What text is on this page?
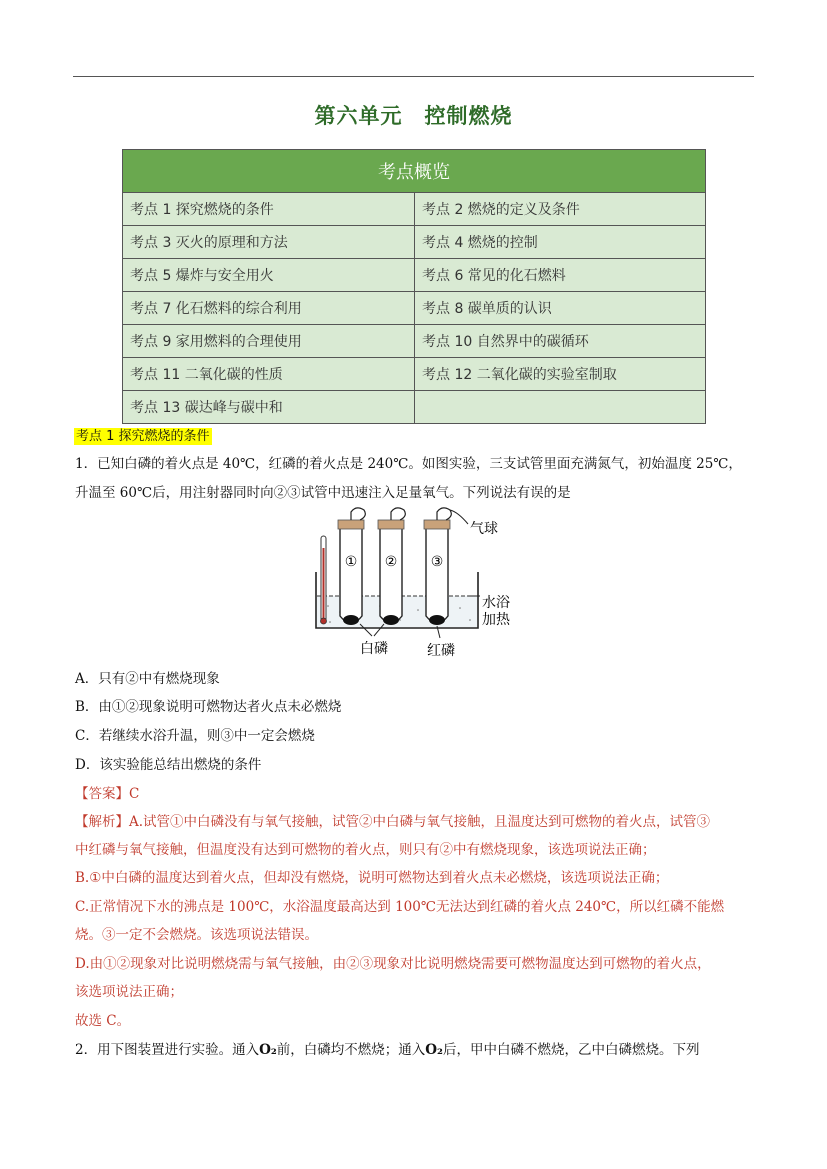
第六单元 控制燃烧
考点概览	
考点 1 探究燃烧的条件	考点 2 燃烧的定义及条件
考点 3 灭火的原理和方法	考点 4 燃烧的控制
考点 5 爆炸与安全用火	考点 6 常见的化石燃料
考点 7 化石燃料的综合利用	考点 8 碳单质的认识
考点 9 家用燃料的合理使用	考点 10 自然界中的碳循环
考点 11 二氧化碳的性质	考点 12 二氧化碳的实验室制取
考点 13 碳达峰与碳中和	
考点 1 探究燃烧的条件
1．已知白磷的着火点是 40℃，红磷的着火点是 240℃。如图实验，三支试管里面充满氮气，初始温度 25℃，
升温至 60℃后，用注射器同时向②③试管中迅速注入足量氧气。下列说法有误的是
① ② ③
气球
水浴
加热
白磷	红磷
A．只有②中有燃烧现象
B．由①②现象说明可燃物达者火点未必燃烧
C．若继续水浴升温，则③中一定会燃烧
D．该实验能总结出燃烧的条件
【答案】C
【解析】A.试管①中白磷没有与氧气接触，试管②中白磷与氧气接触，且温度达到可燃物的着火点，试管③
中红磷与氧气接触，但温度没有达到可燃物的着火点，则只有②中有燃烧现象，该选项说法正确；
B.①中白磷的温度达到着火点，但却没有燃烧，说明可燃物达到着火点未必燃烧，该选项说法正确；
C.正常情况下水的沸点是 100℃，水浴温度最高达到 100℃无法达到红磷的着火点 240℃，所以红磷不能燃
烧。③一定不会燃烧。该选项说法错误。
D.由①②现象对比说明燃烧需与氧气接触，由②③现象对比说明燃烧需要可燃物温度达到可燃物的着火点，
该选项说法正确；
故选 C。
2．用下图装置进行实验。通入O₂前，白磷均不燃烧；通入O₂后，甲中白磷不燃烧，乙中白磷燃烧。下列
